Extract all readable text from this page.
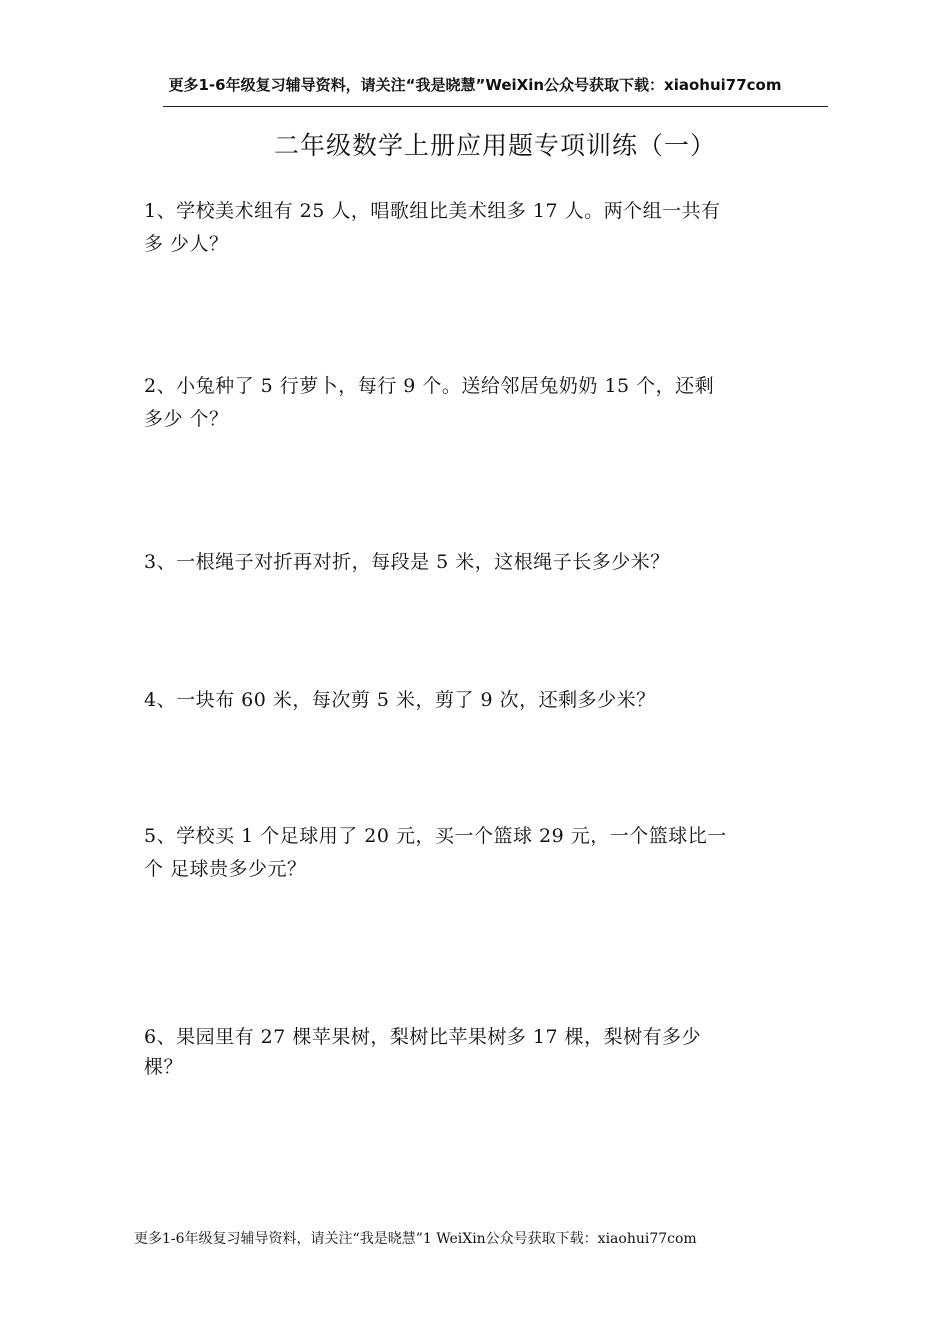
更多1-6年级复习辅导资料，请关注“我是晓慧”WeiXin公众号获取下载：xiaohui77com
二年级数学上册应用题专项训练（一）
1、学校美术组有 25 人，唱歌组比美术组多 17 人。两个组一共有
多 少人？
2、小兔种了 5 行萝卜，每行 9 个。送给邻居兔奶奶 15 个，还剩
多少 个？
3、一根绳子对折再对折，每段是 5 米，这根绳子长多少米？
4、一块布 60 米，每次剪 5 米，剪了 9 次，还剩多少米？
5、学校买 1 个足球用了 20 元，买一个篮球 29 元，一个篮球比一
个 足球贵多少元？
6、果园里有 27 棵苹果树，梨树比苹果树多 17 棵，梨树有多少
棵？
更多1-6年级复习辅导资料，请关注“我是晓慧”1 WeiXin公众号获取下载：xiaohui77com
